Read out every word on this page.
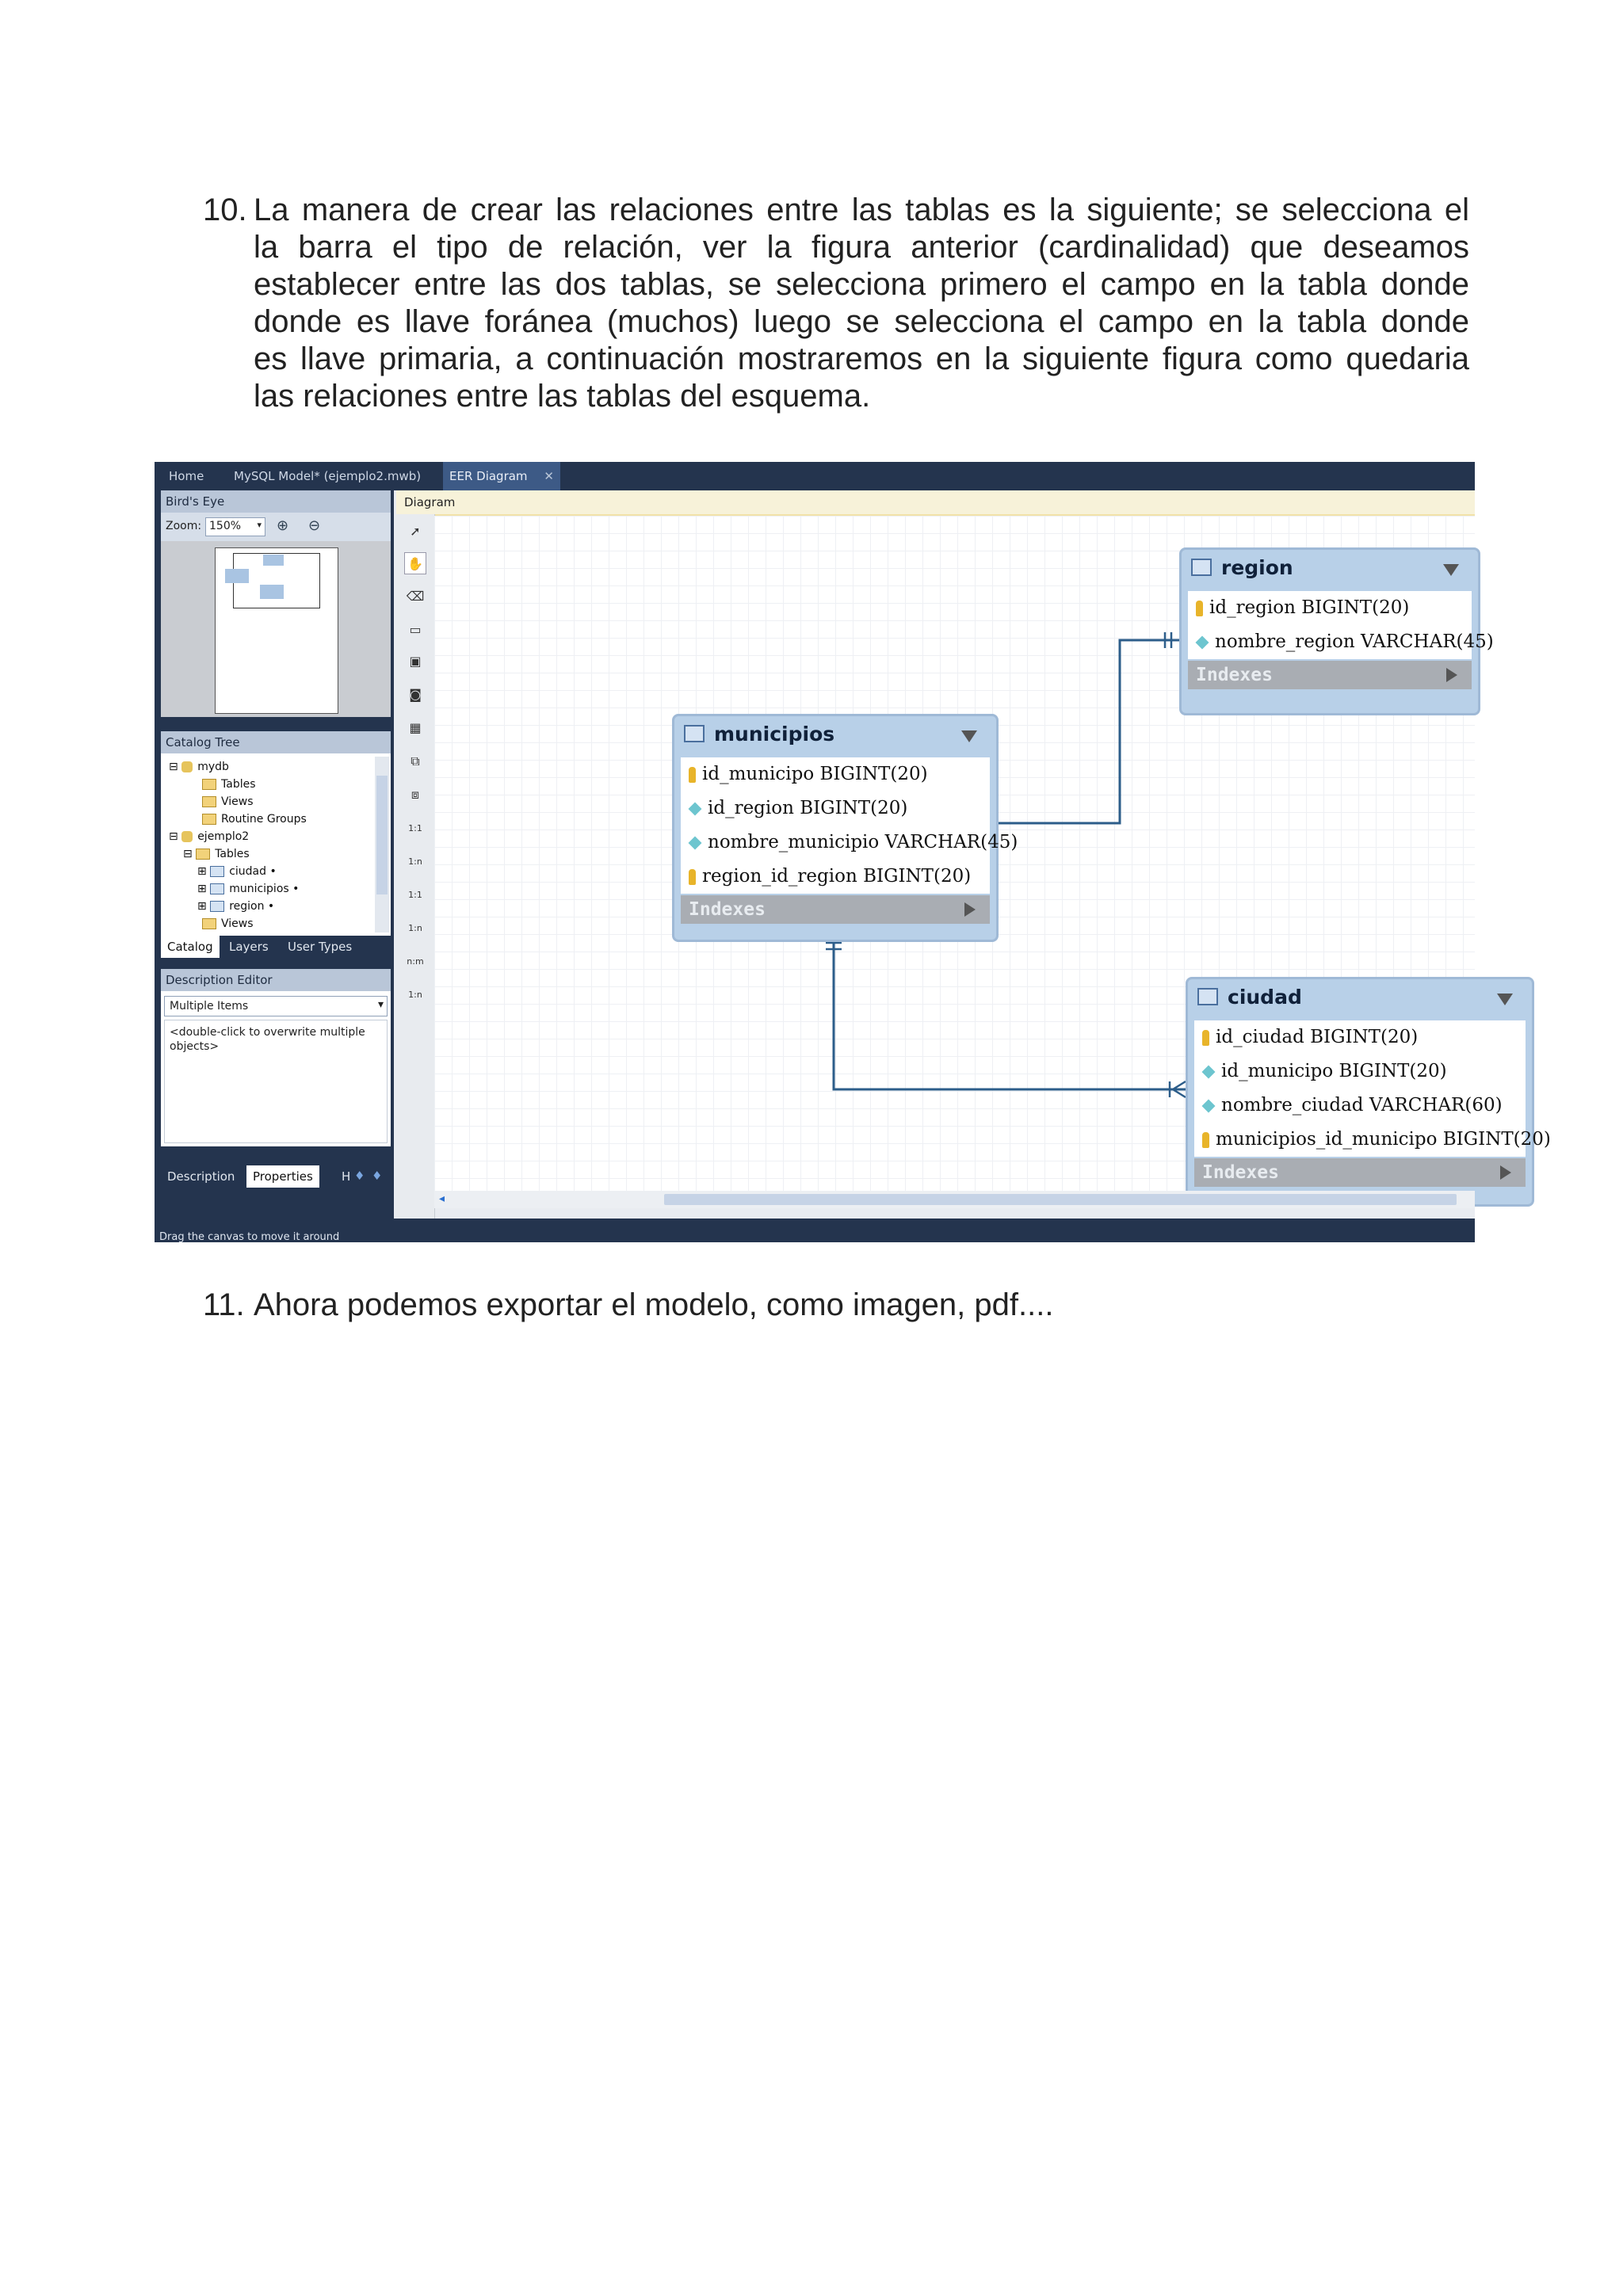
10. La manera de crear las relaciones entre las tablas es la siguiente; se selecciona el
la barra el tipo de relación, ver la figura anterior (cardinalidad) que deseamos
establecer entre las dos tablas, se selecciona primero el campo en la tabla donde
donde es llave foránea (muchos) luego se selecciona el campo en la tabla donde
es llave primaria, a continuación mostraremos en la siguiente figura como quedaria
las relaciones entre las tablas del esquema.
Home	MySQL Model* (ejemplo2.mwb)	EER Diagram ✕
Bird's Eye
Zoom: 150% ▾ ⊕ ⊖
Catalog Tree
⊟ mydb
Tables
Views
Routine Groups
⊟ ejemplo2
⊟ Tables
⊞ ciudad •
⊞ municipios •
⊞ region •
Views
Catalog	Layers	User Types
Description Editor
Multiple Items	▾
<double-click to overwrite multiple objects>
Description	Properties	H ♦ ♦
Diagram
➚
✋
⌫
▭
▣
◙
▦
⧉
⧈
1:1
1:n
1:1
1:n
n:m
1:n
region
id_region BIGINT(20)
nombre_region VARCHAR(45)
Indexes
municipios
id_municipo BIGINT(20)
id_region BIGINT(20)
nombre_municipio VARCHAR(45)
region_id_region BIGINT(20)
Indexes
ciudad
id_ciudad BIGINT(20)
id_municipo BIGINT(20)
nombre_ciudad VARCHAR(60)
municipios_id_municipo BIGINT(20)
Indexes
◂
Drag the canvas to move it around
11. Ahora podemos exportar el modelo, como imagen, pdf....
